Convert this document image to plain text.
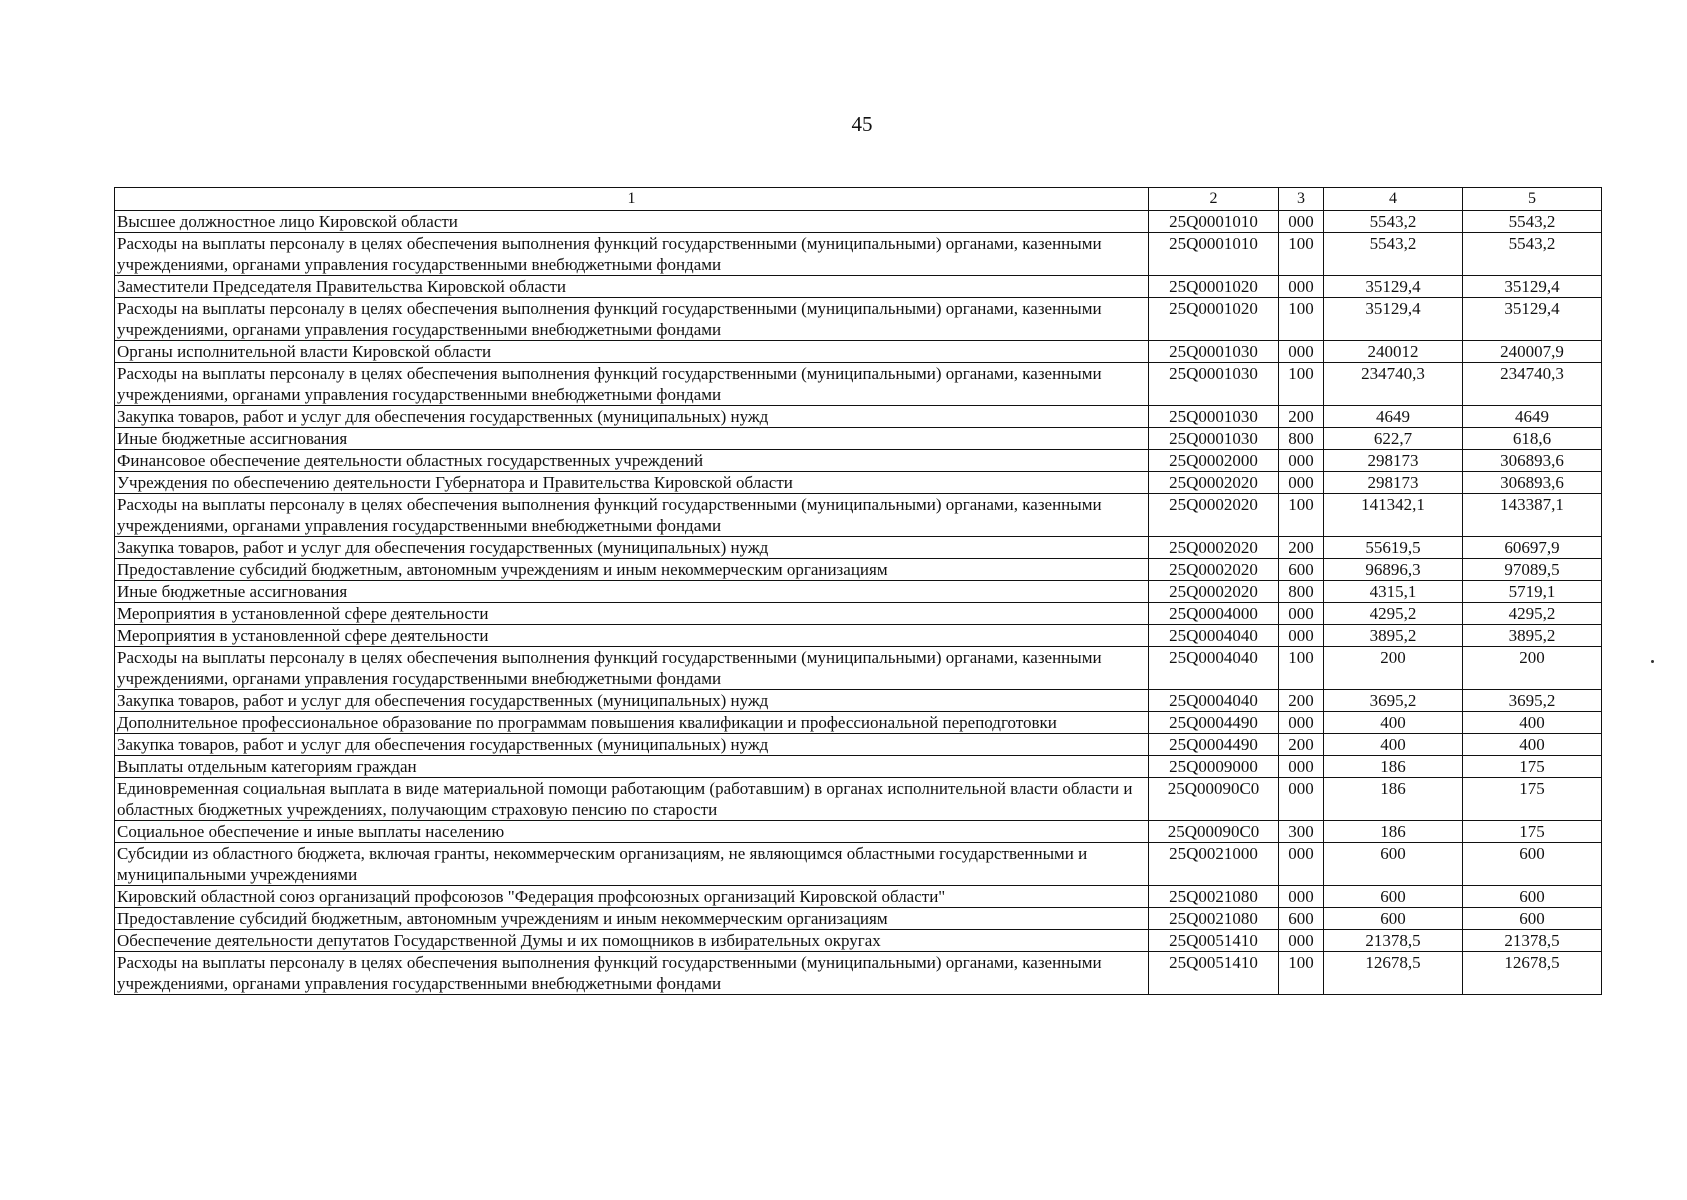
45
1	2	3	4	5
Высшее должностное лицо Кировской области	25Q0001010	000	5543,2	5543,2
Расходы на выплаты персоналу в целях обеспечения выполнения функций государственными (муниципальными) органами, казенными учреждениями, органами управления государственными внебюджетными фондами	25Q0001010	100	5543,2	5543,2
Заместители Председателя Правительства Кировской области	25Q0001020	000	35129,4	35129,4
Расходы на выплаты персоналу в целях обеспечения выполнения функций государственными (муниципальными) органами, казенными учреждениями, органами управления государственными внебюджетными фондами	25Q0001020	100	35129,4	35129,4
Органы исполнительной власти Кировской области	25Q0001030	000	240012	240007,9
Расходы на выплаты персоналу в целях обеспечения выполнения функций государственными (муниципальными) органами, казенными учреждениями, органами управления государственными внебюджетными фондами	25Q0001030	100	234740,3	234740,3
Закупка товаров, работ и услуг для обеспечения государственных (муниципальных) нужд	25Q0001030	200	4649	4649
Иные бюджетные ассигнования	25Q0001030	800	622,7	618,6
Финансовое обеспечение деятельности областных государственных учреждений	25Q0002000	000	298173	306893,6
Учреждения по обеспечению деятельности Губернатора и Правительства Кировской области	25Q0002020	000	298173	306893,6
Расходы на выплаты персоналу в целях обеспечения выполнения функций государственными (муниципальными) органами, казенными учреждениями, органами управления государственными внебюджетными фондами	25Q0002020	100	141342,1	143387,1
Закупка товаров, работ и услуг для обеспечения государственных (муниципальных) нужд	25Q0002020	200	55619,5	60697,9
Предоставление субсидий бюджетным, автономным учреждениям и иным некоммерческим организациям	25Q0002020	600	96896,3	97089,5
Иные бюджетные ассигнования	25Q0002020	800	4315,1	5719,1
Мероприятия в установленной сфере деятельности	25Q0004000	000	4295,2	4295,2
Мероприятия в установленной сфере деятельности	25Q0004040	000	3895,2	3895,2
Расходы на выплаты персоналу в целях обеспечения выполнения функций государственными (муниципальными) органами, казенными учреждениями, органами управления государственными внебюджетными фондами	25Q0004040	100	200	200
Закупка товаров, работ и услуг для обеспечения государственных (муниципальных) нужд	25Q0004040	200	3695,2	3695,2
Дополнительное профессиональное образование по программам повышения квалификации и профессиональной переподготовки	25Q0004490	000	400	400
Закупка товаров, работ и услуг для обеспечения государственных (муниципальных) нужд	25Q0004490	200	400	400
Выплаты отдельным категориям граждан	25Q0009000	000	186	175
Единовременная социальная выплата в виде материальной помощи работающим (работавшим) в органах исполнительной власти области и областных бюджетных учреждениях, получающим страховую пенсию по старости	25Q00090C0	000	186	175
Социальное обеспечение и иные выплаты населению	25Q00090C0	300	186	175
Субсидии из областного бюджета, включая гранты, некоммерческим организациям, не являющимся областными государственными и муниципальными учреждениями	25Q0021000	000	600	600
Кировский областной союз организаций профсоюзов "Федерация профсоюзных организаций Кировской области"	25Q0021080	000	600	600
Предоставление субсидий бюджетным, автономным учреждениям и иным некоммерческим организациям	25Q0021080	600	600	600
Обеспечение деятельности депутатов Государственной Думы и их помощников в избирательных округах	25Q0051410	000	21378,5	21378,5
Расходы на выплаты персоналу в целях обеспечения выполнения функций государственными (муниципальными) органами, казенными учреждениями, органами управления государственными внебюджетными фондами	25Q0051410	100	12678,5	12678,5
